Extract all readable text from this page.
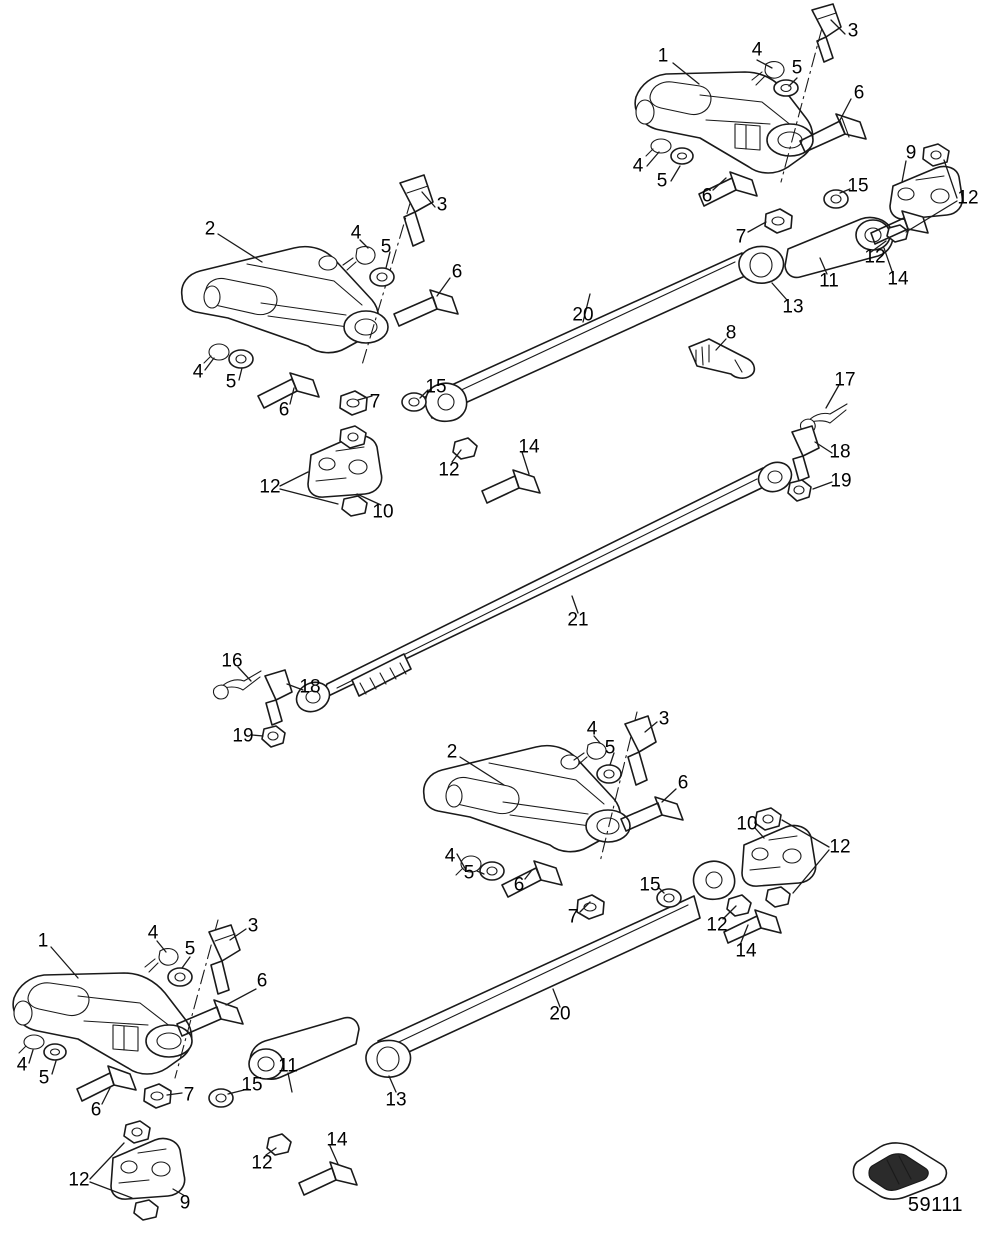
1	4
5
3
6
4
5
6
9
15
12
7
12
14
11
13
2	4
5
3
6
4 5
6	7
15
20
8
17
18
19
12
10
12
14
21
16
18
19
2
4
5
3
6
4
5
6
7
15
10
12
12
14
20
13
1	4
5
3
6
4
5
6
7 15
11
12
9
12
14
59111
